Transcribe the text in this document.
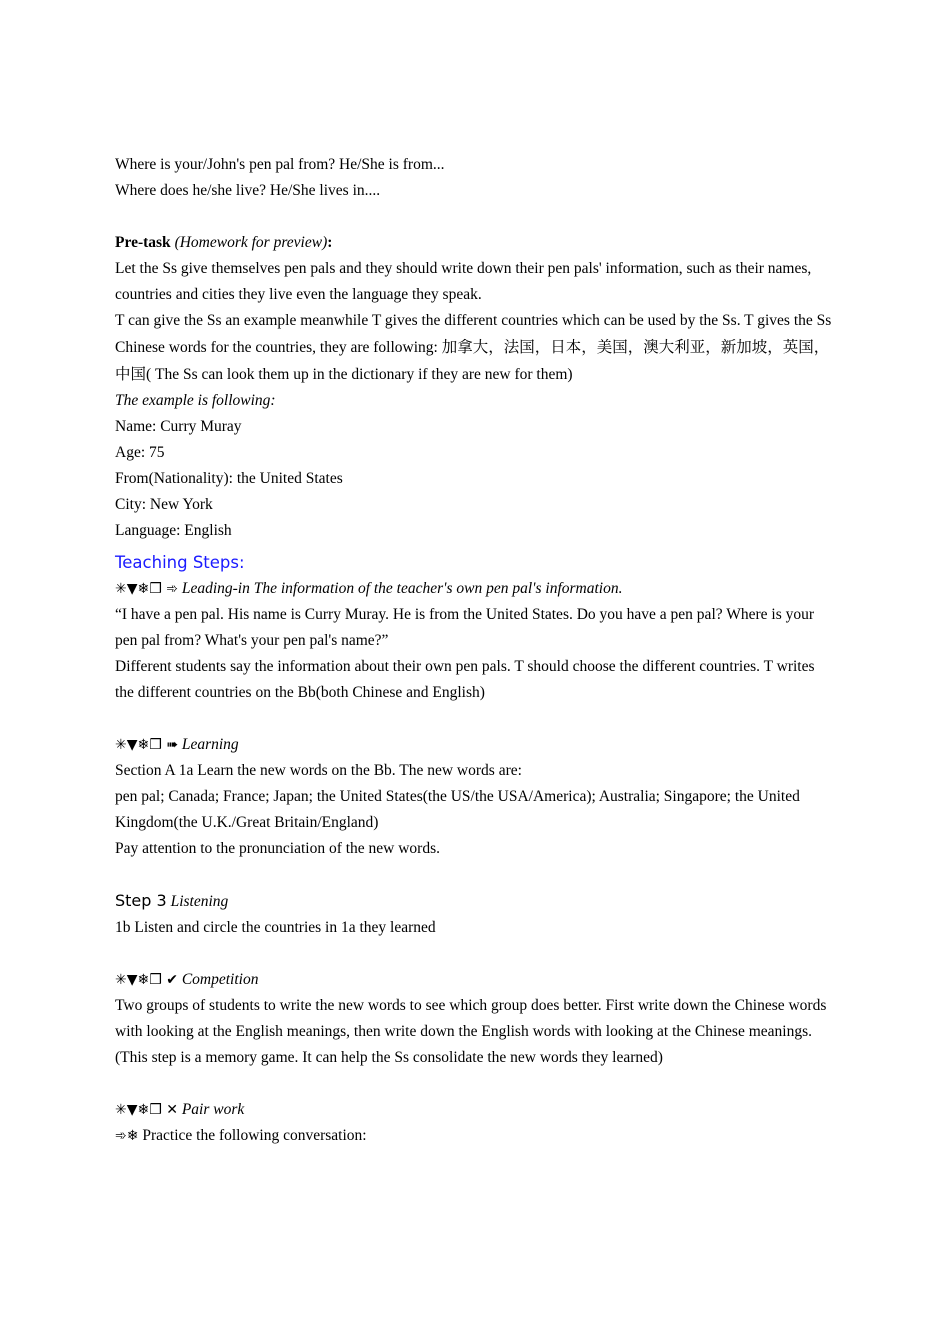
Where is your/John's pen pal from? He/She is from...

Where does he/she live? He/She lives in....

Pre-task (Homework for preview):

Let the Ss give themselves pen pals and they should write down their pen pals' information, such as their names, countries and cities they live even the language they speak.

T can give the Ss an example meanwhile T gives the different countries which can be used by the Ss. T gives the Ss Chinese words for the countries, they are following: 加拿大，法国，日本，美国，澳大利亚，新加坡，英国，中国( The Ss can look them up in the dictionary if they are new for them)

The example is following:

Name: Curry Muray

Age: 75

From(Nationality): the United States

City: New York

Language: English

Teaching Steps:

✳▼❄❒ ➾ Leading-in The information of the teacher's own pen pal's information.

“I have a pen pal. His name is Curry Muray. He is from the United States. Do you have a pen pal? Where is your pen pal from? What's your pen pal's name?”

Different students say the information about their own pen pals. T should choose the different countries. T writes the different countries on the Bb(both Chinese and English)

✳▼❄❒ ➠ Learning

Section A 1a Learn the new words on the Bb. The new words are:

pen pal; Canada; France; Japan; the United States(the US/the USA/America); Australia; Singapore; the United Kingdom(the U.K./Great Britain/England)

Pay attention to the pronunciation of the new words.

Step 3 Listening

1b Listen and circle the countries in 1a they learned

✳▼❄❒ ✔ Competition

Two groups of students to write the new words to see which group does better. First write down the Chinese words with looking at the English meanings, then write down the English words with looking at the Chinese meanings.

(This step is a memory game. It can help the Ss consolidate the new words they learned)

✳▼❄❒ ✕ Pair work

➾❄ Practice the following conversation:
